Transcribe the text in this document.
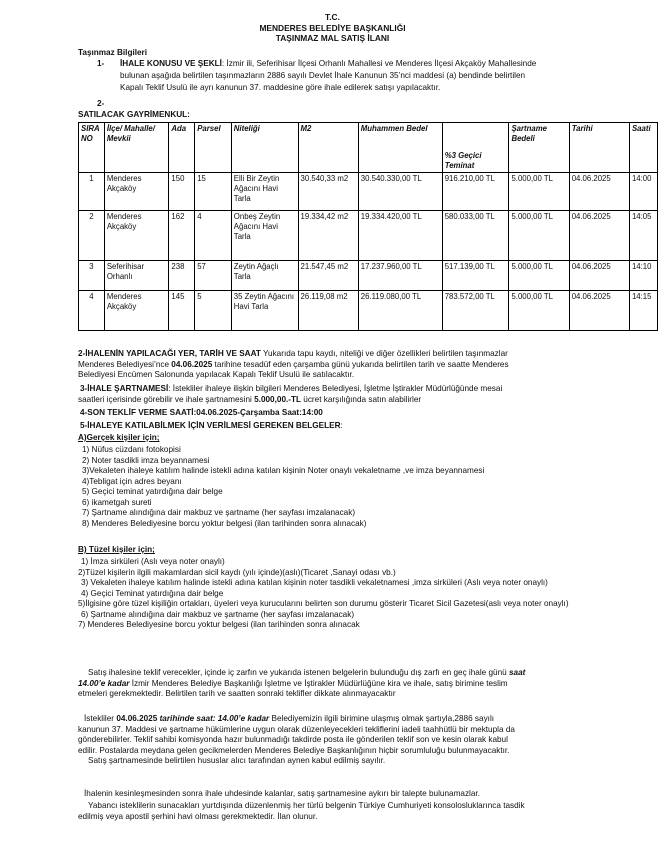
T.C.
MENDERES BELEDİYE BAŞKANLIĞI
TAŞINMAZ MAL SATIŞ İLANI
Taşınmaz Bilgileri
1- İHALE KONUSU VE ŞEKLİ: İzmir ili, Seferihisar İlçesi Orhanlı Mahallesi ve Menderes İlçesi Akçaköy Mahallesinde
bulunan aşağıda belirtilen taşınmazların 2886 sayılı Devlet İhale Kanunun 35’nci maddesi (a) bendinde belirtilen
Kapalı Teklif Usulü ile ayrı kanunun 37. maddesine göre ihale edilerek satışı yapılacaktır.
2-
SATILACAK GAYRİMENKUL:
SIRA NO	İlçe/ Mahalle/ Mevkii	Ada	Parsel	Niteliği	M2	Muhammen Bedel	%3 Geçici Teminat	Şartname Bedeli	Tarihi	Saati
1	Menderes Akçaköy	150	15	Elli Bir Zeytin Ağacını Havi Tarla	30.540,33 m2	30.540.330,00 TL	916.210,00 TL	5.000,00 TL	04.06.2025	14:00
2	Menderes Akçaköy	162	4	Onbeş Zeytin Ağacını Havi Tarla	19.334,42 m2	19.334.420,00 TL	580.033,00 TL	5.000,00 TL	04.06.2025	14:05
3	Seferihisar Orhanlı	238	57	Zeytin Ağaçlı Tarla	21.547,45 m2	17.237.960,00 TL	517.139,00 TL	5.000,00 TL	04.06.2025	14:10
4	Menderes Akçaköy	145	5	35 Zeytin Ağacını Havi Tarla	26.119,08 m2	26.119.080,00 TL	783.572,00 TL	5.000,00 TL	04.06.2025	14:15
2-İHALENİN YAPILACAĞI YER, TARİH VE SAAT Yukarıda tapu kaydı, niteliği ve diğer özellikleri belirtilen taşınmazlar
Menderes Belediyesi’nce 04.06.2025 tarihine tesadüf eden çarşamba günü yukarıda belirtilen tarih ve saatte Menderes
Belediyesi Encümen Salonunda yapılacak Kapalı Teklif Usulü ile satılacaktır.
3-İHALE ŞARTNAMESİ: İstekliler ihaleye ilişkin bilgileri Menderes Belediyesi, İşletme İştirakler Müdürlüğünde mesai
saatleri içerisinde görebilir ve ihale şartnamesini 5.000,00.-TL ücret karşılığında satın alabilirler
4-SON TEKLİF VERME SAATİ:04.06.2025-Çarşamba Saat:14:00
5-İHALEYE KATILABİLMEK İÇİN VERİLMESİ GEREKEN BELGELER:
A)Gerçek kişiler için;
1) Nüfus cüzdanı fotokopisi
2) Noter tasdikli imza beyannamesi
3)Vekaleten ihaleye katılım halinde istekli adına katılan kişinin Noter onaylı vekaletname ,ve imza beyannamesi
4)Tebligat için adres beyanı
5) Geçici teminat yatırdığına dair belge
6) ikametgah sureti
7) Şartname alındığına dair makbuz ve şartname (her sayfası imzalanacak)
8) Menderes Belediyesine borcu yoktur belgesi (ilan tarihinden sonra alınacak)
B) Tüzel kişiler için;
1) İmza sirküleri (Aslı veya noter onaylı)
2)Tüzel kişilerin ilgili makamlardan sicil kaydı (yılı içinde)(aslı)(Ticaret ,Sanayi odası vb.)
3) Vekaleten ihaleye katılım halinde istekli adına katılan kişinin noter tasdikli vekaletnamesi ,imza sirküleri (Aslı veya noter onaylı)
4) Geçici Teminat yatırdığına dair belge
5)İlgisine göre tüzel kişiliğin ortakları, üyeleri veya kurucularını belirten son durumu gösterir Ticaret Sicil Gazetesi(aslı veya noter onaylı)
6) Şartname alındığına dair makbuz ve şartname (her sayfası imzalanacak)
7) Menderes Belediyesine borcu yoktur belgesi (ilan tarihinden sonra alınacak
Satış ihalesine teklif verecekler, içinde iç zarfın ve yukarıda istenen belgelerin bulunduğu dış zarfı en geç ihale günü saat
14.00’e kadar İzmir Menderes Belediye Başkanlığı İşletme ve İştirakler Müdürlüğüne kira ve ihale, satış birimine teslim
etmeleri gerekmektedir. Belirtilen tarih ve saatten sonraki teklifler dikkate alınmayacaktır
İstekliler 04.06.2025 tarihinde saat: 14.00’e kadar Belediyemizin ilgili birimine ulaşmış olmak şartıyla,2886 sayılı
kanunun 37. Maddesi ve şartname hükümlerine uygun olarak düzenleyecekleri tekliflerini iadeli taahhütlü bir mektupla da
gönderebilirler. Teklif sahibi komisyonda hazır bulunmadığı takdirde posta ile gönderilen teklif son ve kesin olarak kabul
edilir. Postalarda meydana gelen gecikmelerden Menderes Belediye Başkanlığının hiçbir sorumluluğu bulunmayacaktır.
Satış şartnamesinde belirtilen hususlar alıcı tarafından aynen kabul edilmiş sayılır.
İhalenin kesinleşmesinden sonra ihale uhdesinde kalanlar, satış şartnamesine aykırı bir talepte bulunamazlar.
Yabancı isteklilerin sunacakları yurtdışında düzenlenmiş her türlü belgenin Türkiye Cumhuriyeti konsolosluklarınca tasdik
edilmiş veya apostil şerhini havi olması gerekmektedir. İlan olunur.
